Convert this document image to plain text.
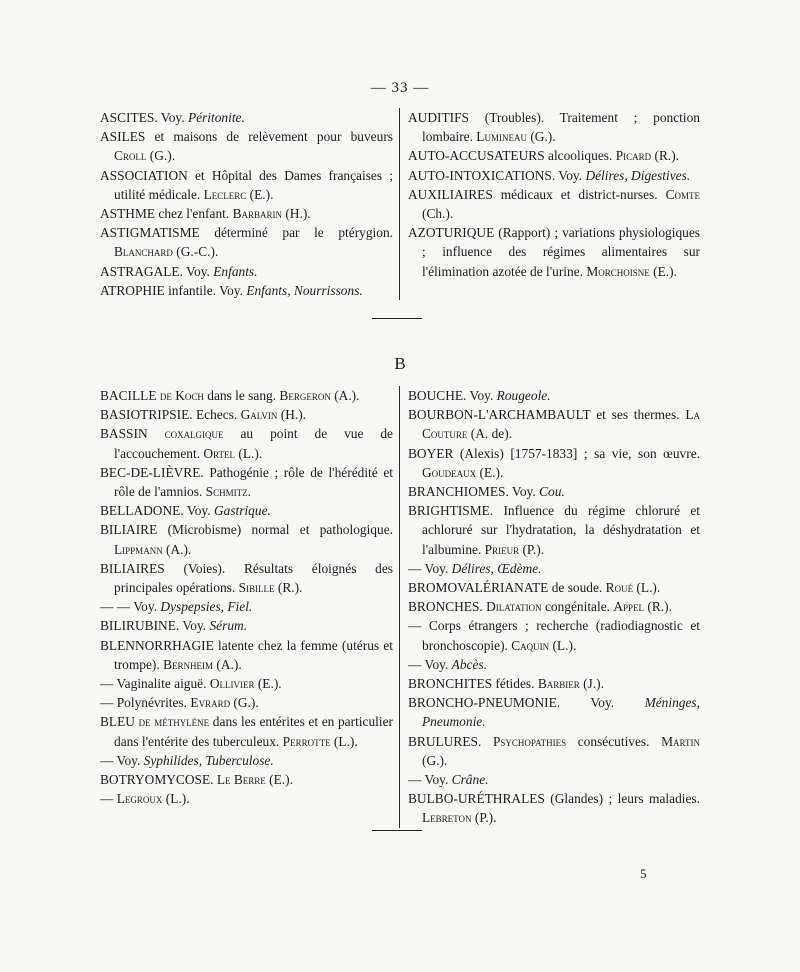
— 33 —
ASCITES. Voy. Péritonite.
ASILES et maisons de relèvement pour buveurs Croll (G.).
ASSOCIATION et Hôpital des Dames françaises ; utilité médicale. Leclerc (E.).
ASTHME chez l'enfant. Barbarin (H.).
ASTIGMATISME déterminé par le ptérygion. Blanchard (G.-C.).
ASTRAGALE. Voy. Enfants.
ATROPHIE infantile. Voy. Enfants, Nourrissons.
AUDITIFS (Troubles). Traitement ; ponction lombaire. Lumineau (G.).
AUTO-ACCUSATEURS alcooliques. Picard (R.).
AUTO-INTOXICATIONS. Voy. Délires, Digestives.
AUXILIAIRES médicaux et district-nurses. Comte (Ch.).
AZOTURIQUE (Rapport) ; variations physiologiques ; influence des régimes alimentaires sur l'élimination azotée de l'urine. Morchoisne (E.).
B
BACILLE de Koch dans le sang. Bergeron (A.).
BASIOTRIPSIE. Echecs. Galvin (H.).
BASSIN coxalgique au point de vue de l'accouchement. Ortel (L.).
BEC-DE-LIÈVRE. Pathogénie ; rôle de l'hérédité et rôle de l'amnios. Schmitz.
BELLADONE. Voy. Gastrique.
BILIAIRE (Microbisme) normal et pathologique. Lippmann (A.).
BILIAIRES (Voies). Résultats éloignés des principales opérations. Sibille (R.).
— — Voy. Dyspepsies, Fiel.
BILIRUBINE. Voy. Sérum.
BLENNORRHAGIE latente chez la femme (utérus et trompe). Bernheim (A.).
— Vaginalite aiguë. Ollivier (E.).
— Polynévrites. Evrard (G.).
BLEU de méthylène dans les entérites et en particulier dans l'entérite des tuberculeux. Perrotte (L.).
— Voy. Syphilides, Tuberculose.
BOTRYOMYCOSE. Le Berre (E.).
— Legroux (L.).
BOUCHE. Voy. Rougeole.
BOURBON-L'ARCHAMBAULT et ses thermes. La Couture (A. de).
BOYER (Alexis) [1757-1833] ; sa vie, son œuvre. Goudeaux (E.).
BRANCHIOMES. Voy. Cou.
BRIGHTISME. Influence du régime chloruré et achloruré sur l'hydratation, la déshydratation et l'albumine. Prieur (P.).
— Voy. Délires, Œdème.
BROMOVALÉRIANATE de soude. Roué (L.).
BRONCHES. Dilatation congénitale. Appel (R.).
— Corps étrangers ; recherche (radiodiagnostic et bronchoscopie). Caquin (L.).
— Voy. Abcès.
BRONCHITES fétides. Barbier (J.).
BRONCHO-PNEUMONIE. Voy. Méninges, Pneumonie.
BRULURES. Psychopathies consécutives. Martin (G.).
— Voy. Crâne.
BULBO-URÉTHRALES (Glandes) ; leurs maladies. Lebreton (P.).
5
